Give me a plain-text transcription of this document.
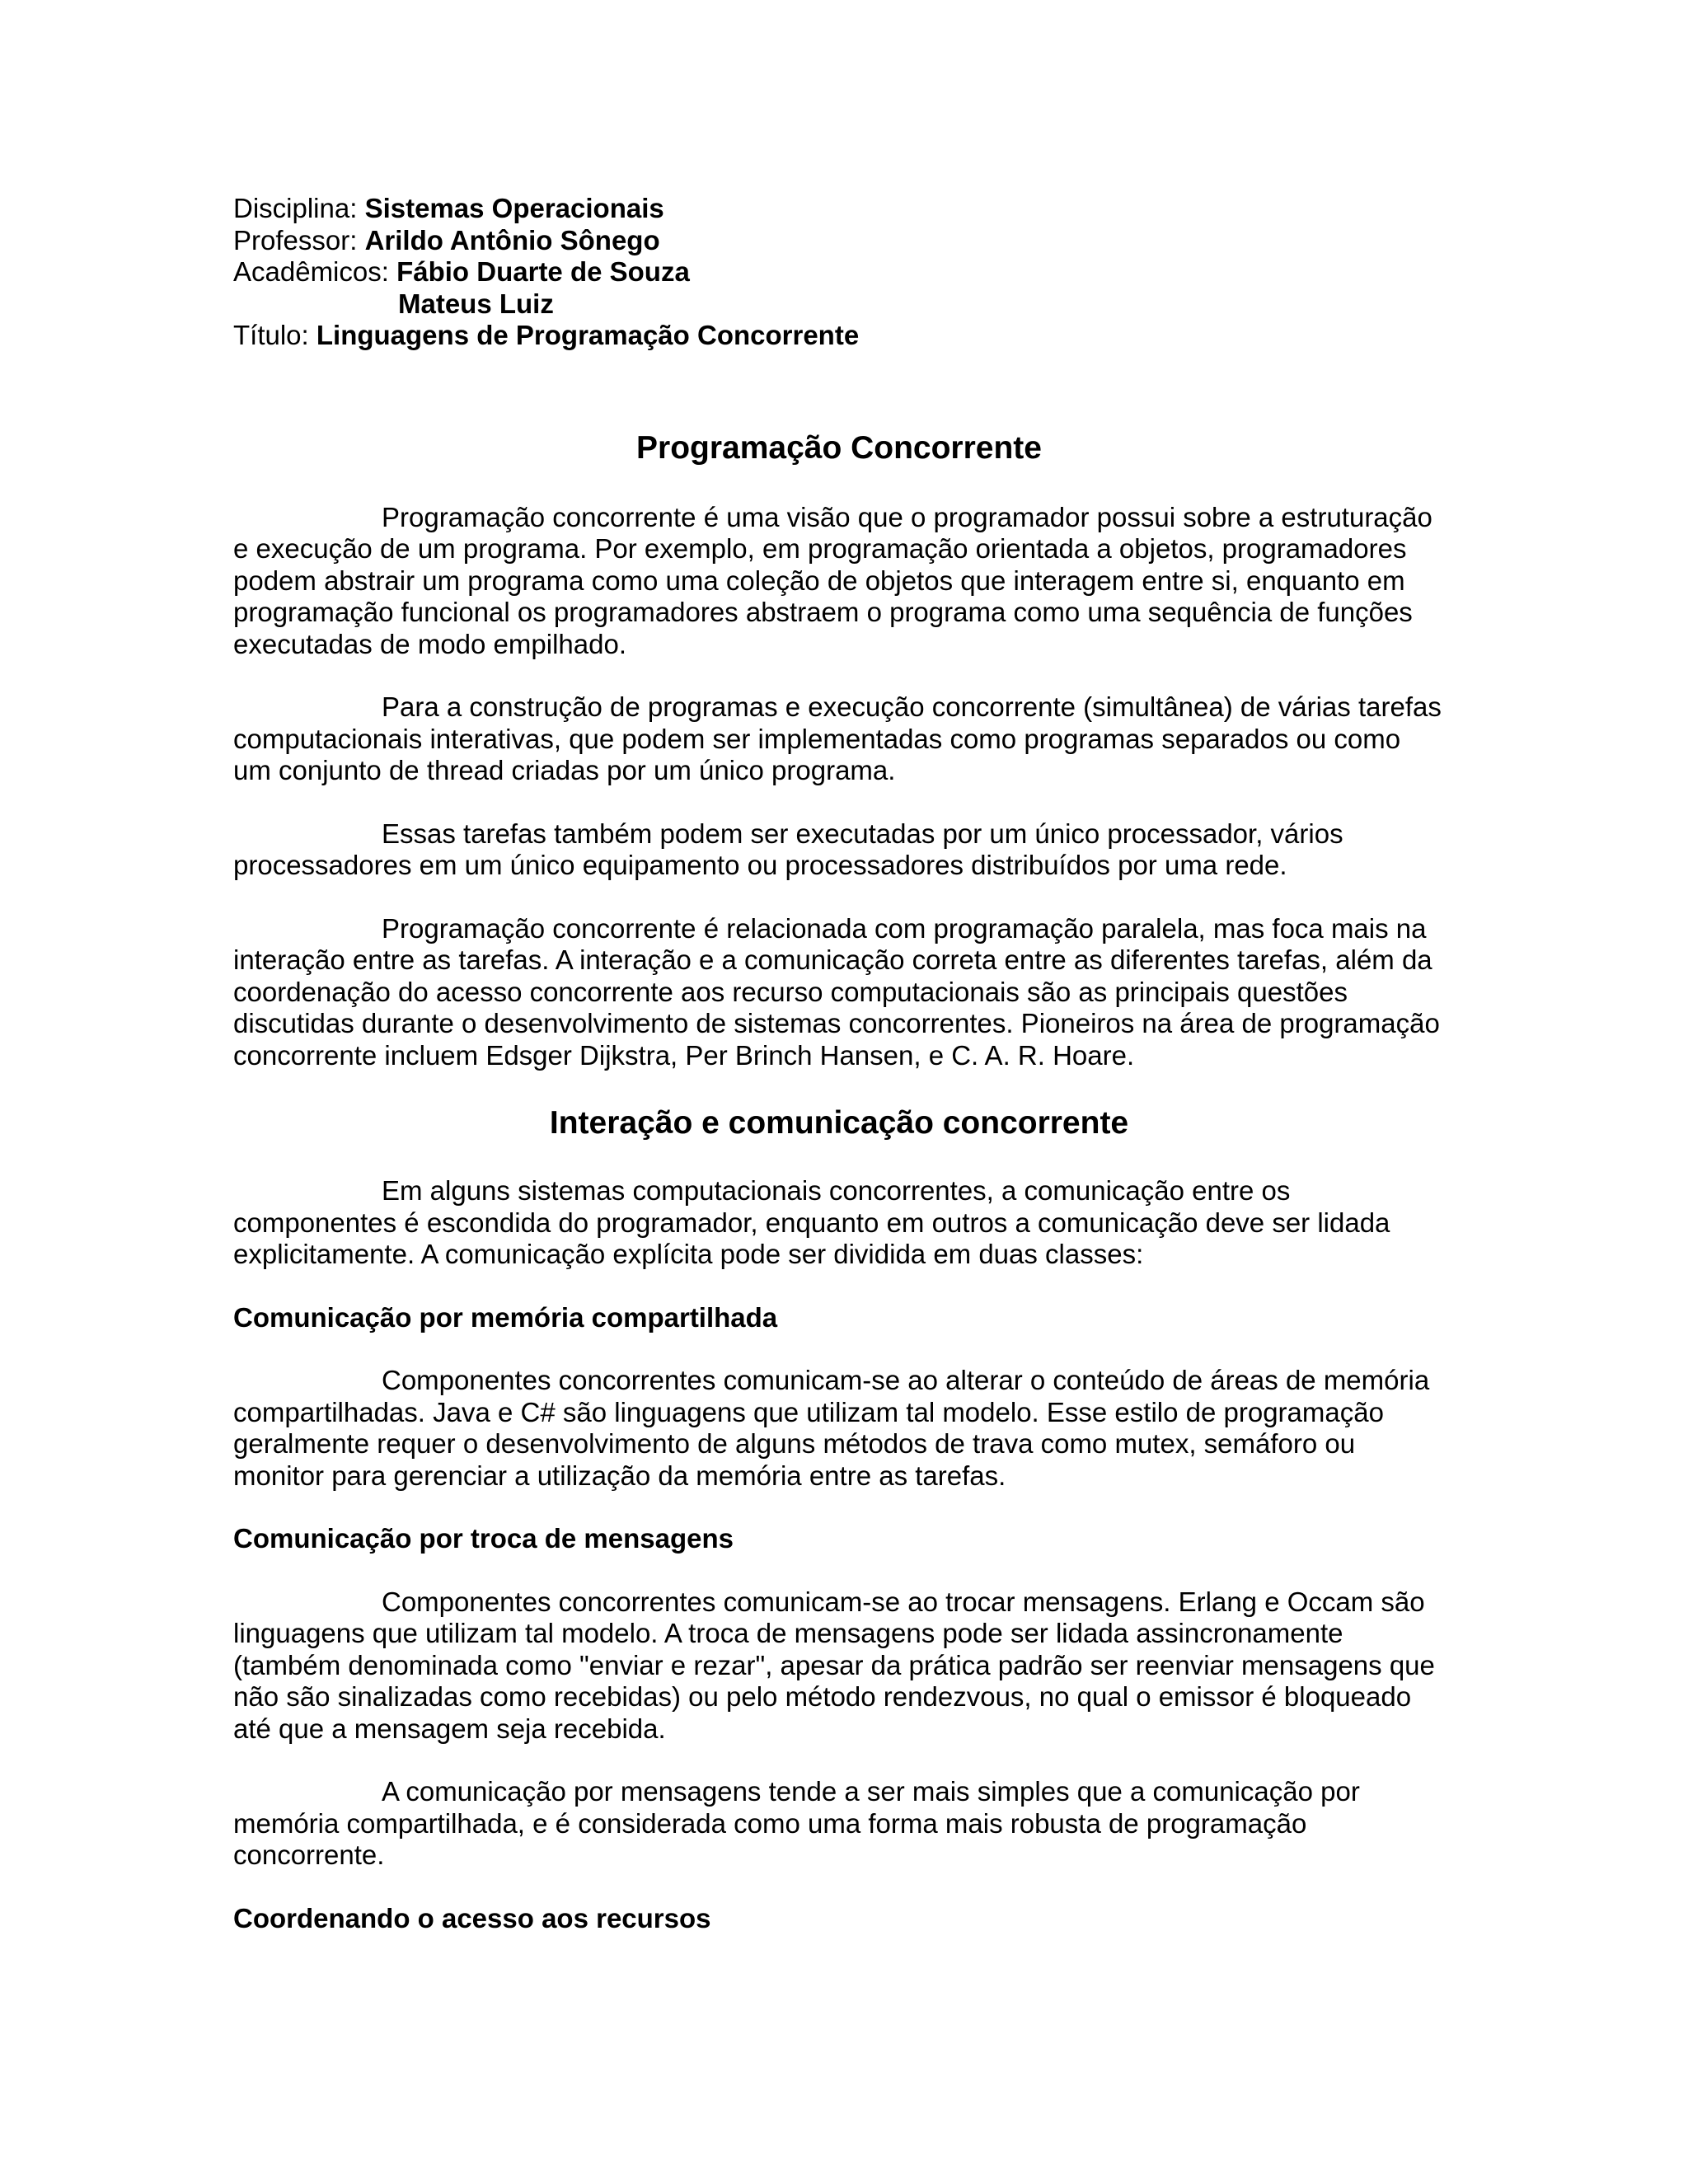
Disciplina: Sistemas Operacionais
Professor: Arildo Antônio Sônego
Acadêmicos: Fábio Duarte de Souza
Mateus Luiz
Título: Linguagens de Programação Concorrente
Programação Concorrente

Programação concorrente é uma visão que o programador possui sobre a estruturação e execução de um programa. Por exemplo, em programação orientada a objetos, programadores podem abstrair um programa como uma coleção de objetos que interagem entre si, enquanto em programação funcional os programadores abstraem o programa como uma sequência de funções executadas de modo empilhado.

Para a construção de programas e execução concorrente (simultânea) de várias tarefas computacionais interativas, que podem ser implementadas como programas separados ou como um conjunto de thread criadas por um único programa.

Essas tarefas também podem ser executadas por um único processador, vários processadores em um único equipamento ou processadores distribuídos por uma rede.

Programação concorrente é relacionada com programação paralela, mas foca mais na interação entre as tarefas. A interação e a comunicação correta entre as diferentes tarefas, além da coordenação do acesso concorrente aos recurso computacionais são as principais questões discutidas durante o desenvolvimento de sistemas concorrentes. Pioneiros na área de programação concorrente incluem Edsger Dijkstra, Per Brinch Hansen, e C. A. R. Hoare.

Interação e comunicação concorrente

Em alguns sistemas computacionais concorrentes, a comunicação entre os componentes é escondida do programador, enquanto em outros a comunicação deve ser lidada explicitamente. A comunicação explícita pode ser dividida em duas classes:

Comunicação por memória compartilhada

Componentes concorrentes comunicam-se ao alterar o conteúdo de áreas de memória compartilhadas. Java e C# são linguagens que utilizam tal modelo. Esse estilo de programação geralmente requer o desenvolvimento de alguns métodos de trava como mutex, semáforo ou monitor para gerenciar a utilização da memória entre as tarefas.

Comunicação por troca de mensagens

Componentes concorrentes comunicam-se ao trocar mensagens. Erlang e Occam são linguagens que utilizam tal modelo. A troca de mensagens pode ser lidada assincronamente (também denominada como "enviar e rezar", apesar da prática padrão ser reenviar mensagens que não são sinalizadas como recebidas) ou pelo método rendezvous, no qual o emissor é bloqueado até que a mensagem seja recebida.

A comunicação por mensagens tende a ser mais simples que a comunicação por memória compartilhada, e é considerada como uma forma mais robusta de programação concorrente.

Coordenando o acesso aos recursos
